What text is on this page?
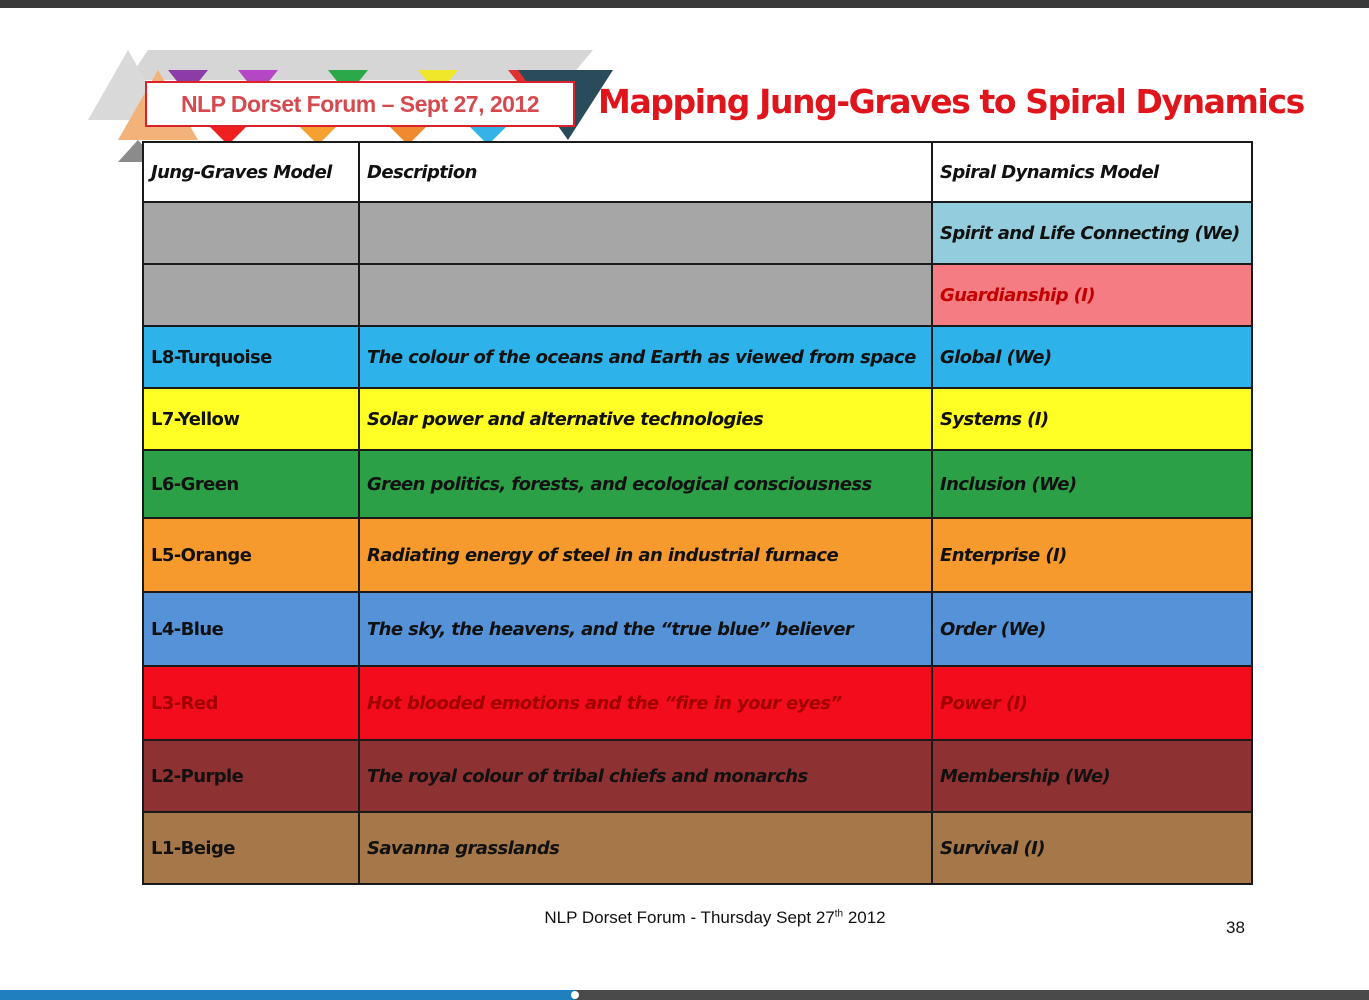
NLP Dorset Forum – Sept 27, 2012	Mapping Jung-Graves to Spiral Dynamics
Jung-Graves Model	Description	Spiral Dynamics Model
		Spirit and Life Connecting (We)
		Guardianship (I)
L8-Turquoise	The colour of the oceans and Earth as viewed from space	Global (We)
L7-Yellow	Solar power and alternative technologies	Systems (I)
L6-Green	Green politics, forests, and ecological consciousness	Inclusion (We)
L5-Orange	Radiating energy of steel in an industrial furnace	Enterprise (I)
L4-Blue	The sky, the heavens, and the “true blue” believer	Order (We)
L3-Red	Hot blooded emotions and the “fire in your eyes”	Power (I)
L2-Purple	The royal colour of tribal chiefs and monarchs	Membership (We)
L1-Beige	Savanna grasslands	Survival (I)
NLP Dorset Forum - Thursday Sept 27th 2012
38
